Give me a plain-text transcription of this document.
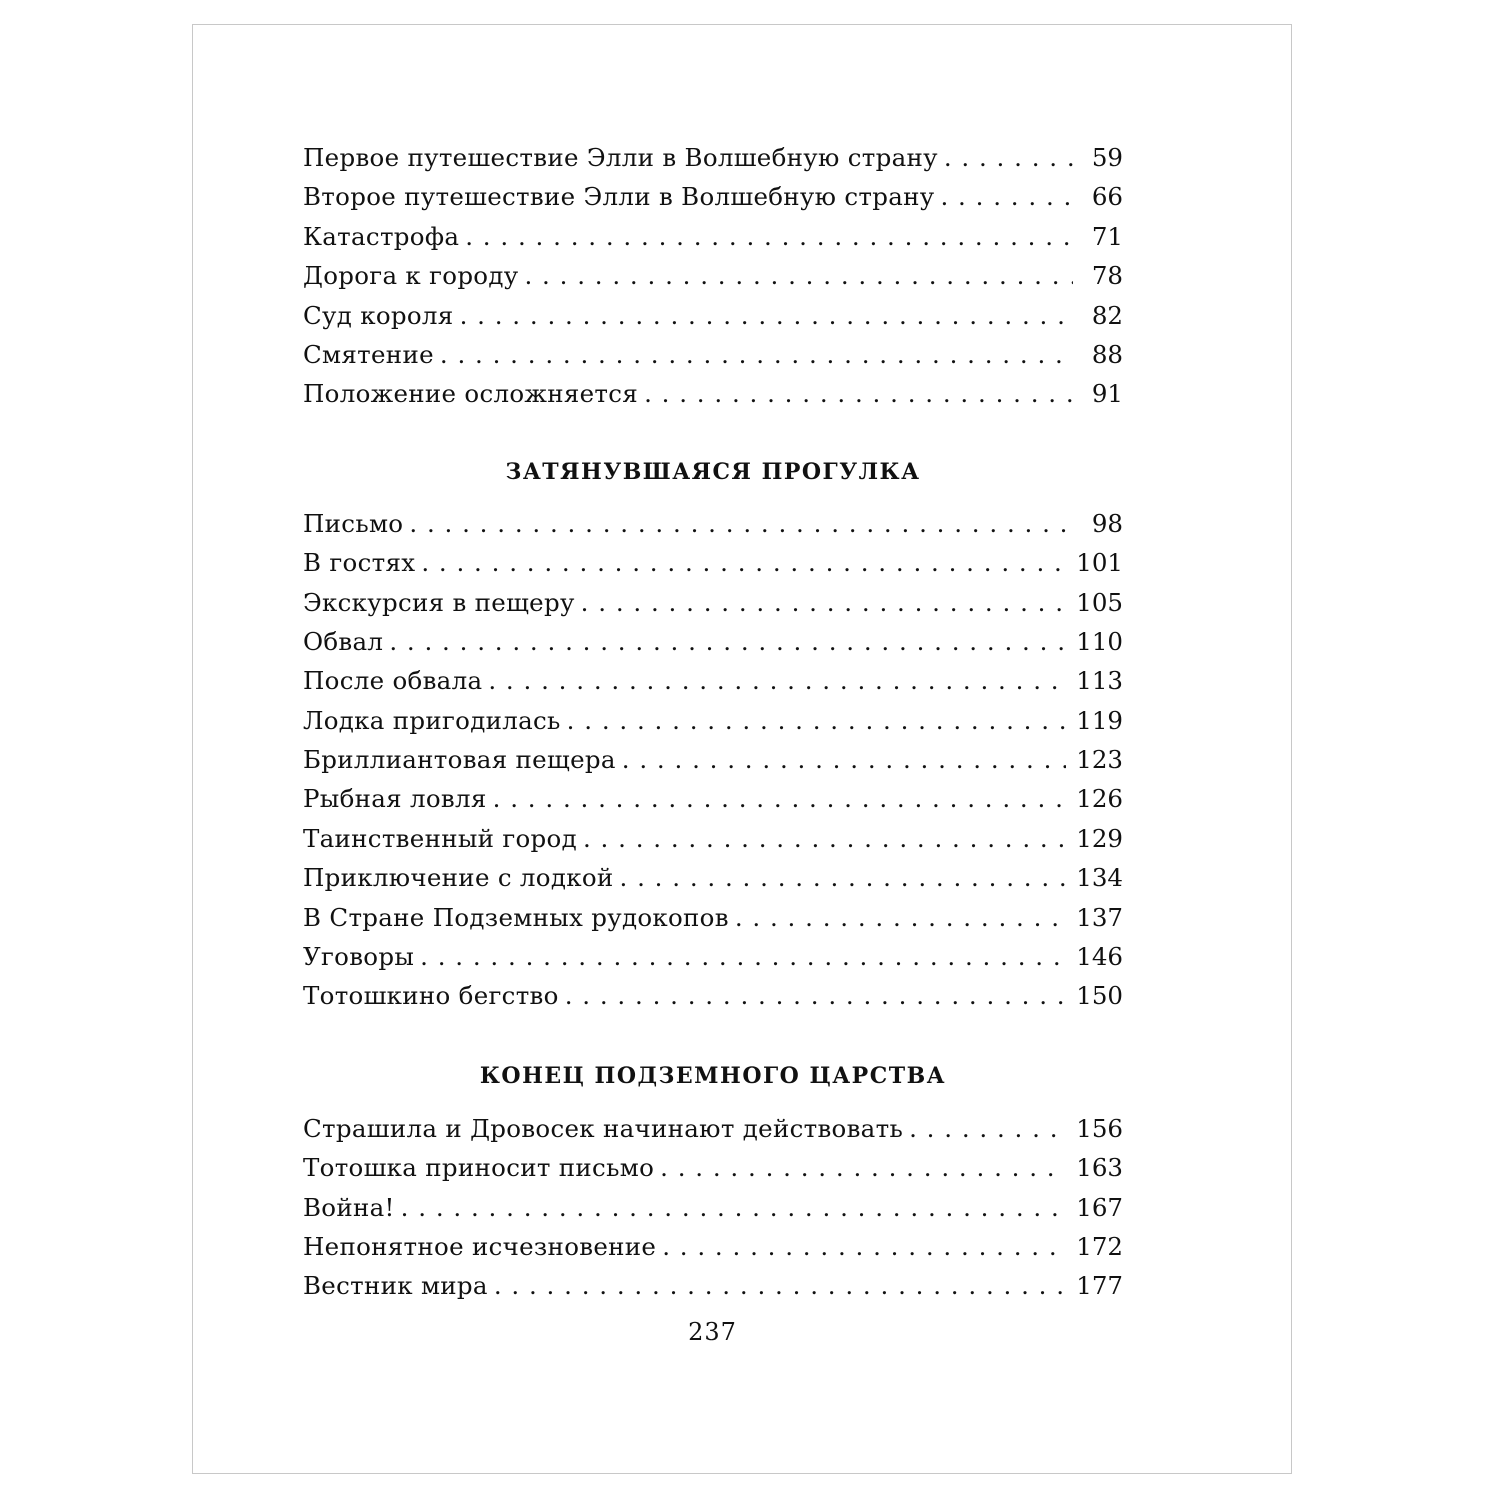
Первое путешествие Элли в Волшебную страну . . .	59
Второе путешествие Элли в Волшебную страну . . .	66
Катастрофа . . .	71
Дорога к городу . . .	78
Суд короля . . .	82
Смятение . . .	88
Положение осложняется . . .	91
ЗАТЯНУВШАЯСЯ ПРОГУЛКА
Письмо . . .	98
В гостях . . .	101
Экскурсия в пещеру . . .	105
Обвал . . .	110
После обвала . . .	113
Лодка пригодилась . . .	119
Бриллиантовая пещера . . .	123
Рыбная ловля . . .	126
Таинственный город . . .	129
Приключение с лодкой . . .	134
В Стране Подземных рудокопов . . .	137
Уговоры . . .	146
Тотошкино бегство . . .	150
КОНЕЦ ПОДЗЕМНОГО ЦАРСТВА
Страшила и Дровосек начинают действовать . . .	156
Тотошка приносит письмо . . .	163
Война! . . .	167
Непонятное исчезновение . . .	172
Вестник мира . . .	177
237
